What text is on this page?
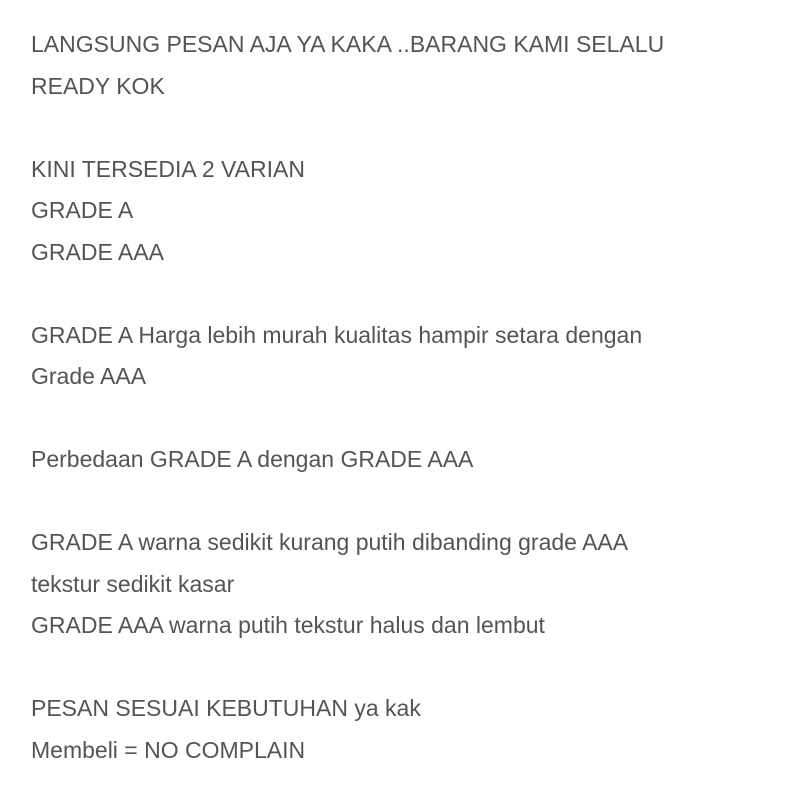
LANGSUNG PESAN AJA YA KAKA ..BARANG KAMI SELALU
READY KOK
KINI TERSEDIA 2 VARIAN
GRADE A
GRADE AAA
GRADE A Harga lebih murah kualitas hampir setara dengan
Grade AAA
Perbedaan GRADE A dengan GRADE AAA
GRADE A warna sedikit kurang putih dibanding grade AAA
tekstur sedikit kasar
GRADE AAA warna putih tekstur halus dan lembut
PESAN SESUAI KEBUTUHAN ya kak
Membeli = NO COMPLAIN
